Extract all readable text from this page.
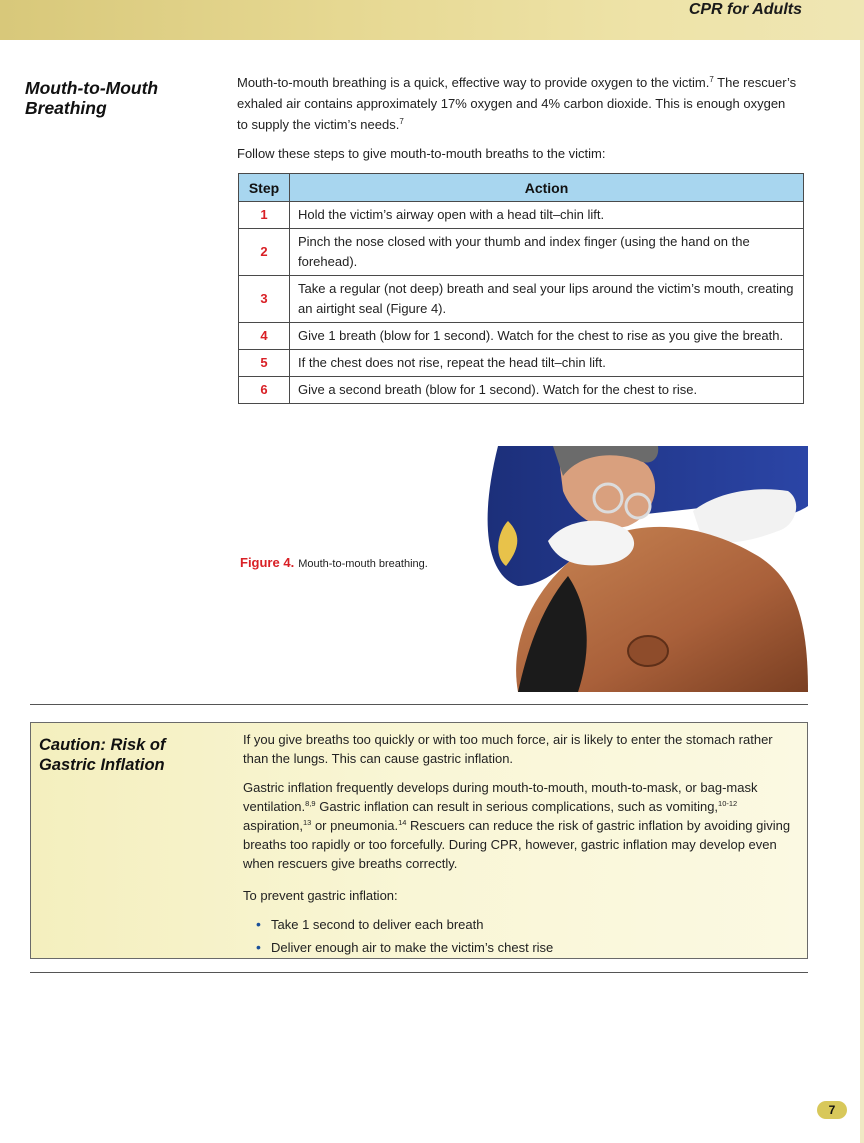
CPR for Adults
Mouth-to-Mouth Breathing

Mouth-to-mouth breathing is a quick, effective way to provide oxygen to the victim.$^7$ The rescuer’s exhaled air contains approximately 17% oxygen and 4% carbon dioxide. This is enough oxygen to supply the victim’s needs.$^7$

Follow these steps to give mouth-to-mouth breaths to the victim:

Step	Action
1	Hold the victim’s airway open with a head tilt–chin lift.
2	Pinch the nose closed with your thumb and index finger (using the hand on the forehead).
3	Take a regular (not deep) breath and seal your lips around the victim’s mouth, creating an airtight seal (Figure 4).
4	Give 1 breath (blow for 1 second). Watch for the chest to rise as you give the breath.
5	If the chest does not rise, repeat the head tilt–chin lift.
6	Give a second breath (blow for 1 second). Watch for the chest to rise.
Figure 4. Mouth-to-mouth breathing.
Caution: Risk of Gastric Inflation

If you give breaths too quickly or with too much force, air is likely to enter the stomach rather than the lungs. This can cause gastric inflation.

Gastric inflation frequently develops during mouth-to-mouth, mouth-to-mask, or bag-mask ventilation.$^{8,9}$ Gastric inflation can result in serious complications, such as vomiting,$^{10-12}$ aspiration,$^{13}$ or pneumonia.$^{14}$ Rescuers can reduce the risk of gastric inflation by avoiding giving breaths too rapidly or too forcefully. During CPR, however, gastric inflation may develop even when rescuers give breaths correctly.

To prevent gastric inflation:

• Take 1 second to deliver each breath
• Deliver enough air to make the victim’s chest rise
7
